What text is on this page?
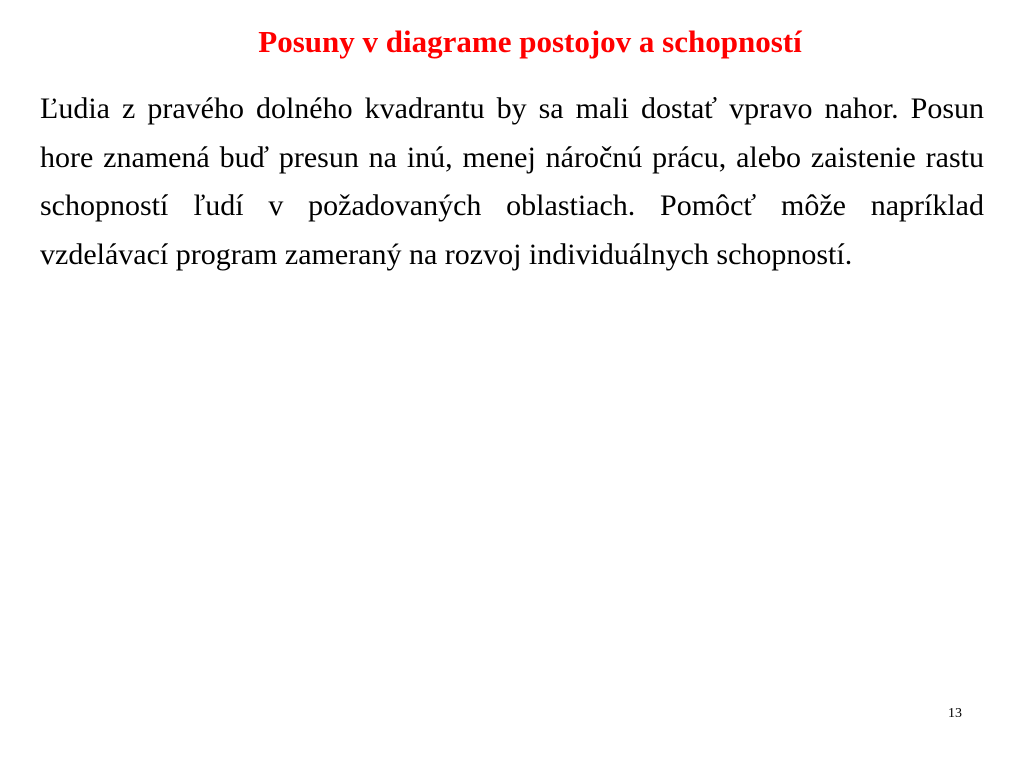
Posuny v diagrame postojov a schopností

Ľudia z pravého dolného kvadrantu by sa mali dostať vpravo nahor. Posun hore znamená buď presun na inú, menej náročnú prácu, alebo zaistenie rastu schopností ľudí v požadovaných oblastiach. Pomôcť môže napríklad vzdelávací program zameraný na rozvoj individuálnych schopností.

13
